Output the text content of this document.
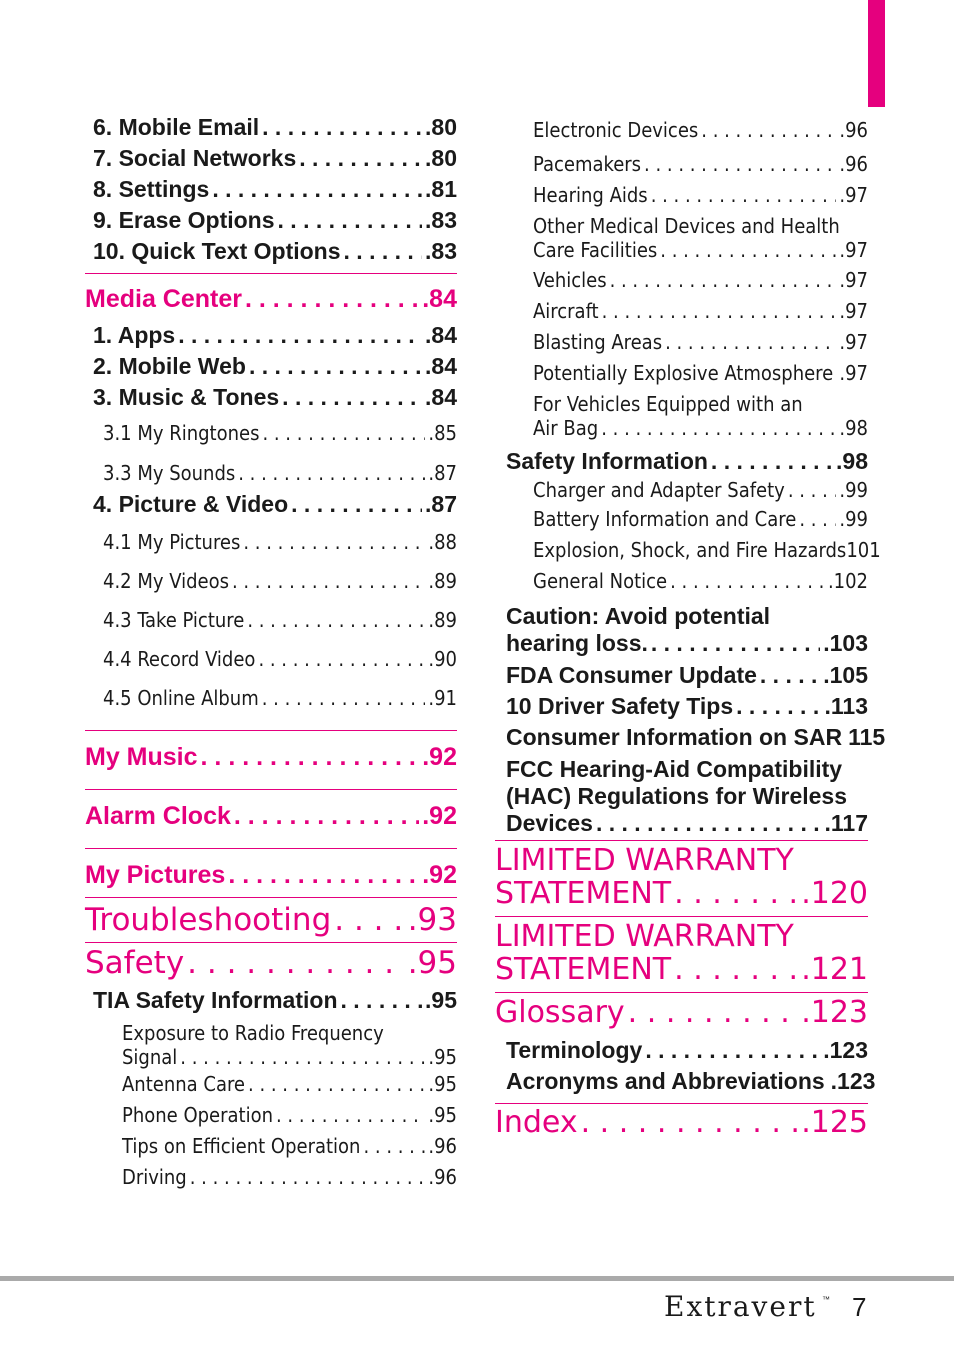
6. Mobile Email . . .	.80
7. Social Networks . . .	.80
8. Settings . . .	.81
9. Erase Options . . .	.83
10. Quick Text Options . . .	.83
Media Center . . .	.84
1. Apps . . .	.84
2. Mobile Web . . .	.84
3. Music & Tones . . .	.84
3.1 My Ringtones . . .	.85
3.3 My Sounds . . .	.87
4. Picture & Video . . .	.87
4.1 My Pictures . . .	.88
4.2 My Videos . . .	.89
4.3 Take Picture . . .	.89
4.4 Record Video . . .	.90
4.5 Online Album . . .	.91
My Music . . .	.92
Alarm Clock . . .	.92
My Pictures . . .	.92
Troubleshooting . . . .93
Safety . . .	.95
TIA Safety Information . . .	.95
Exposure to Radio Frequency
Signal . . .	.95
Antenna Care . . .	.95
Phone Operation . . .	.95
Tips on Efficient Operation . . .	.96
Driving . . .	.96
Electronic Devices . . .	.96
Pacemakers . . .	.96
Hearing Aids . . .	.97
Other Medical Devices and Health
Care Facilities . . .	.97
Vehicles . . .	.97
Aircraft . . .	.97
Blasting Areas . . .	.97
Potentially Explosive Atmosphere . . . .97
For Vehicles Equipped with an
Air Bag . . .	.98
Safety Information . . .	.98
Charger and Adapter Safety . . .	.99
Battery Information and Care . . . .99
Explosion, Shock, and Fire Hazards 101
General Notice . . .	.102
Caution: Avoid potential
hearing loss. . . .	.103
FDA Consumer Update . . .	.105
10 Driver Safety Tips . . .	.113
Consumer Information on SAR 115
FCC Hearing-Aid Compatibility
(HAC) Regulations for Wireless
Devices . . .	.117
LIMITED WARRANTY
STATEMENT . . .	.120
LIMITED WARRANTY
STATEMENT . . .	.121
Glossary . . .	.123
Terminology . . .	.123
Acronyms and Abbreviations .123
Index . . .	.125
Extravert ™ 7
